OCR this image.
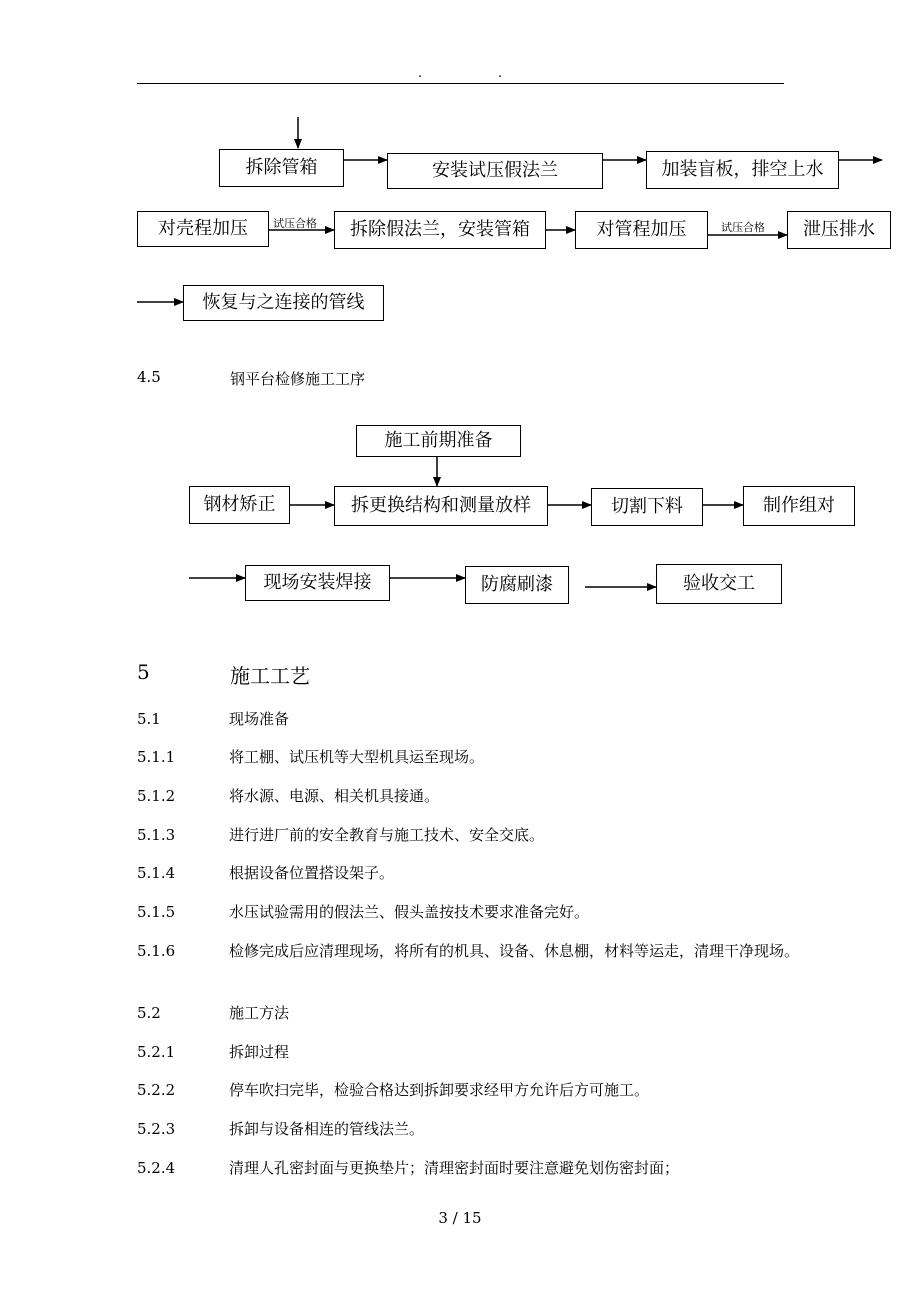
.	.
拆除管箱	安装试压假法兰	加装盲板，排空上水
对壳程加压	拆除假法兰，安装管箱	对管程加压	泄压排水
恢复与之连接的管线
试压合格	试压合格
4.5	钢平台检修施工工序
施工前期准备
钢材矫正	拆更换结构和测量放样	切割下料	制作组对
现场安装焊接	防腐刷漆	验收交工
5	施工工艺
5.1	现场准备
5.1.1	将工棚、试压机等大型机具运至现场。
5.1.2	将水源、电源、相关机具接通。
5.1.3	进行进厂前的安全教育与施工技术、安全交底。
5.1.4	根据设备位置搭设架子。
5.1.5	水压试验需用的假法兰、假头盖按技术要求准备完好。
5.1.6	检修完成后应清理现场，将所有的机具、设备、休息棚，材料等运走，清理干净现场。
5.2	施工方法
5.2.1	拆卸过程
5.2.2	停车吹扫完毕，检验合格达到拆卸要求经甲方允许后方可施工。
5.2.3	拆卸与设备相连的管线法兰。
5.2.4	清理人孔密封面与更换垫片；清理密封面时要注意避免划伤密封面；
3 / 15
